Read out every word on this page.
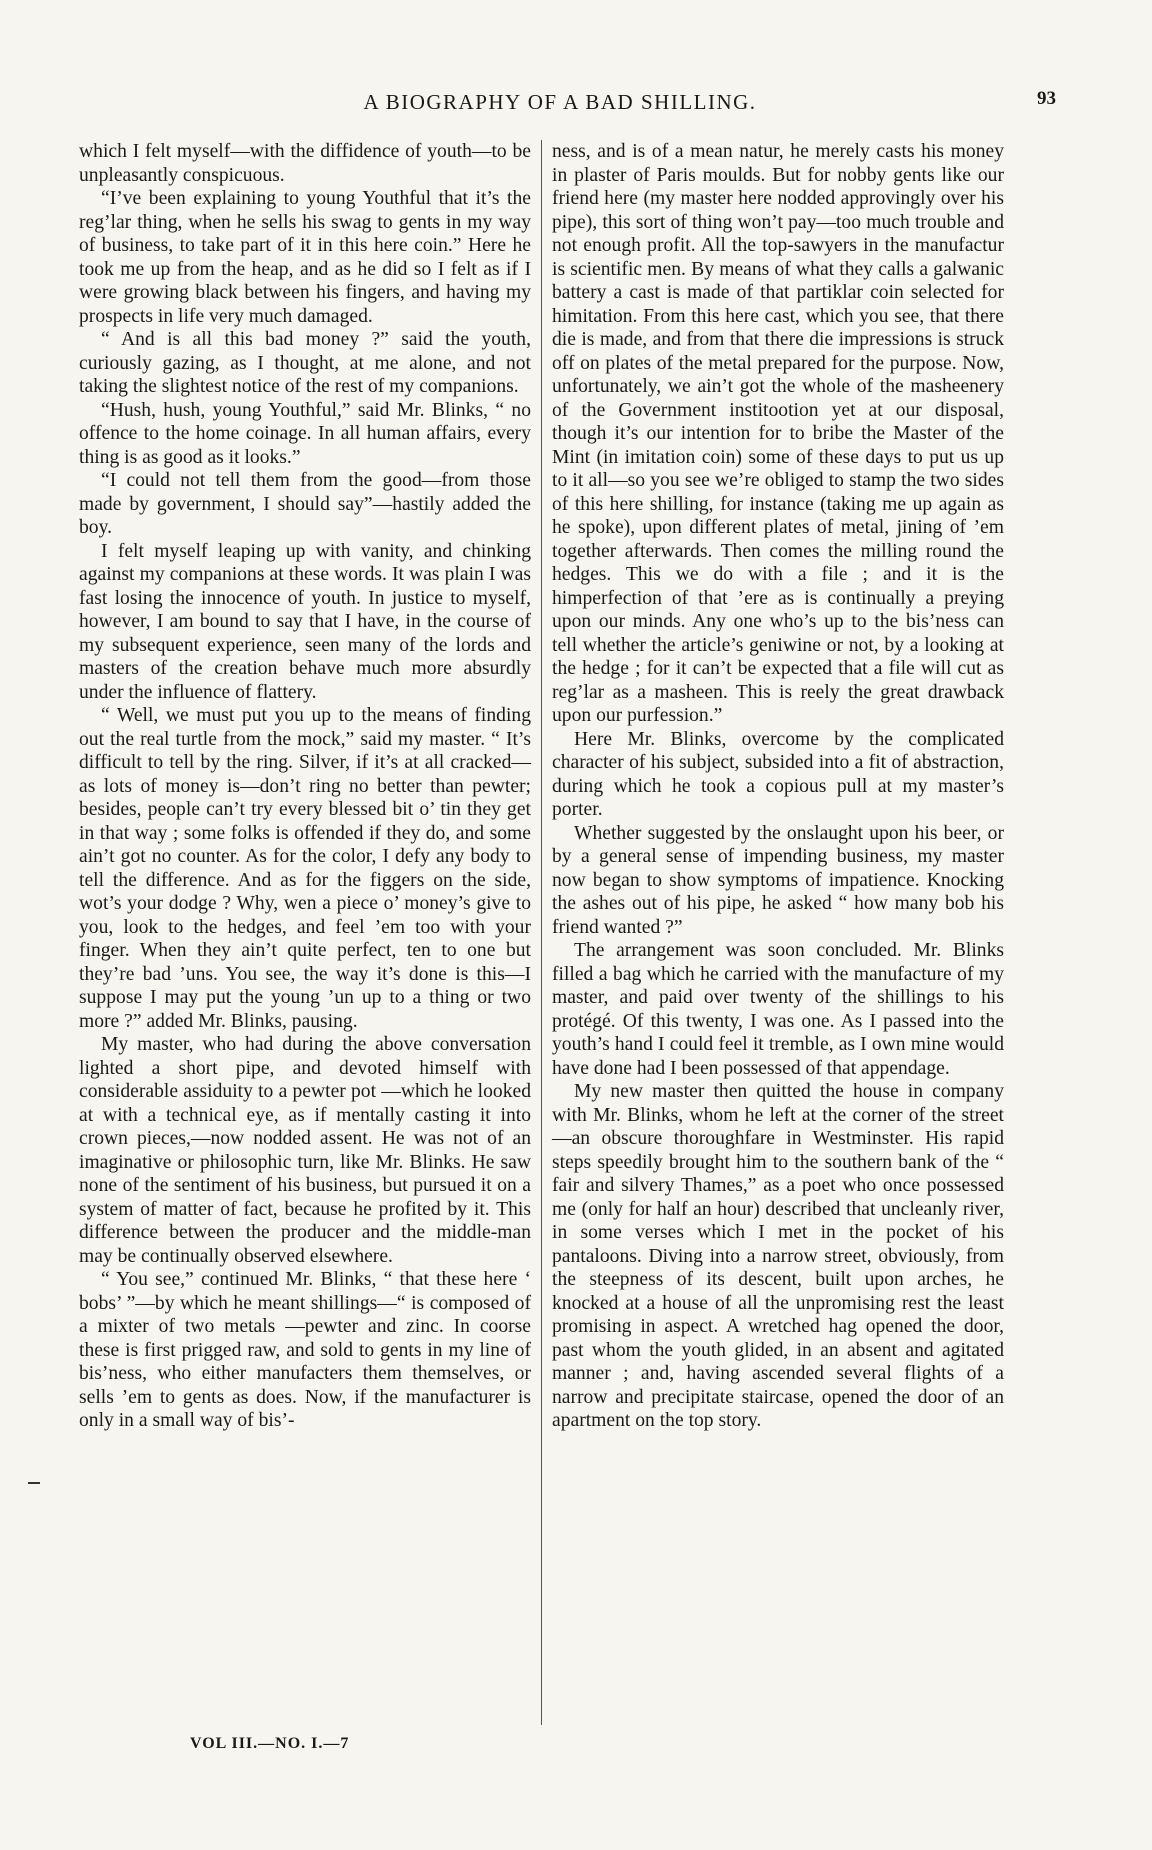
A BIOGRAPHY OF A BAD SHILLING.	93

which I felt myself—with the diffidence of youth—to be unpleasantly conspicuous.

“I’ve been explaining to young Youthful that it’s the reg’lar thing, when he sells his swag to gents in my way of business, to take part of it in this here coin.” Here he took me up from the heap, and as he did so I felt as if I were growing black between his fingers, and having my prospects in life very much damaged.

“ And is all this bad money ?” said the youth, curiously gazing, as I thought, at me alone, and not taking the slightest notice of the rest of my companions.

“Hush, hush, young Youthful,” said Mr. Blinks, “ no offence to the home coinage. In all human affairs, every thing is as good as it looks.”

“I could not tell them from the good—from those made by government, I should say”—hastily added the boy.

I felt myself leaping up with vanity, and chinking against my companions at these words. It was plain I was fast losing the innocence of youth. In justice to myself, however, I am bound to say that I have, in the course of my subsequent experience, seen many of the lords and masters of the creation behave much more absurdly under the influence of flattery.

“ Well, we must put you up to the means of finding out the real turtle from the mock,” said my master. “ It’s difficult to tell by the ring. Silver, if it’s at all cracked—as lots of money is—don’t ring no better than pewter; besides, people can’t try every blessed bit o’ tin they get in that way ; some folks is offended if they do, and some ain’t got no counter. As for the color, I defy any body to tell the difference. And as for the figgers on the side, wot’s your dodge ? Why, wen a piece o’ money’s give to you, look to the hedges, and feel ’em too with your finger. When they ain’t quite perfect, ten to one but they’re bad ’uns. You see, the way it’s done is this—I suppose I may put the young ’un up to a thing or two more ?” added Mr. Blinks, pausing.

My master, who had during the above conversation lighted a short pipe, and devoted himself with considerable assiduity to a pewter pot —which he looked at with a technical eye, as if mentally casting it into crown pieces,—now nodded assent. He was not of an imaginative or philosophic turn, like Mr. Blinks. He saw none of the sentiment of his business, but pursued it on a system of matter of fact, because he profited by it. This difference between the producer and the middle-man may be continually observed elsewhere.

“ You see,” continued Mr. Blinks, “ that these here ‘ bobs’ ”—by which he meant shillings—“ is composed of a mixter of two metals —pewter and zinc. In coorse these is first prigged raw, and sold to gents in my line of bis’ness, who either manufacters them themselves, or sells ’em to gents as does. Now, if the manufacturer is only in a small way of bis’-

ness, and is of a mean natur, he merely casts his money in plaster of Paris moulds. But for nobby gents like our friend here (my master here nodded approvingly over his pipe), this sort of thing won’t pay—too much trouble and not enough profit. All the top-sawyers in the manufactur is scientific men. By means of what they calls a galwanic battery a cast is made of that partiklar coin selected for himitation. From this here cast, which you see, that there die is made, and from that there die impressions is struck off on plates of the metal prepared for the purpose. Now, unfortunately, we ain’t got the whole of the masheenery of the Government institootion yet at our disposal, though it’s our intention for to bribe the Master of the Mint (in imitation coin) some of these days to put us up to it all—so you see we’re obliged to stamp the two sides of this here shilling, for instance (taking me up again as he spoke), upon different plates of metal, jining of ’em together afterwards. Then comes the milling round the hedges. This we do with a file ; and it is the himperfection of that ’ere as is continually a preying upon our minds. Any one who’s up to the bis’ness can tell whether the article’s geniwine or not, by a looking at the hedge ; for it can’t be expected that a file will cut as reg’lar as a masheen. This is reely the great drawback upon our purfession.”

Here Mr. Blinks, overcome by the complicated character of his subject, subsided into a fit of abstraction, during which he took a copious pull at my master’s porter.

Whether suggested by the onslaught upon his beer, or by a general sense of impending business, my master now began to show symptoms of impatience. Knocking the ashes out of his pipe, he asked “ how many bob his friend wanted ?”

The arrangement was soon concluded. Mr. Blinks filled a bag which he carried with the manufacture of my master, and paid over twenty of the shillings to his protégé. Of this twenty, I was one. As I passed into the youth’s hand I could feel it tremble, as I own mine would have done had I been possessed of that appendage.

My new master then quitted the house in company with Mr. Blinks, whom he left at the corner of the street—an obscure thoroughfare in Westminster. His rapid steps speedily brought him to the southern bank of the “ fair and silvery Thames,” as a poet who once possessed me (only for half an hour) described that uncleanly river, in some verses which I met in the pocket of his pantaloons. Diving into a narrow street, obviously, from the steepness of its descent, built upon arches, he knocked at a house of all the unpromising rest the least promising in aspect. A wretched hag opened the door, past whom the youth glided, in an absent and agitated manner ; and, having ascended several flights of a narrow and precipitate staircase, opened the door of an apartment on the top story.

VOL III.—NO. I.—7
